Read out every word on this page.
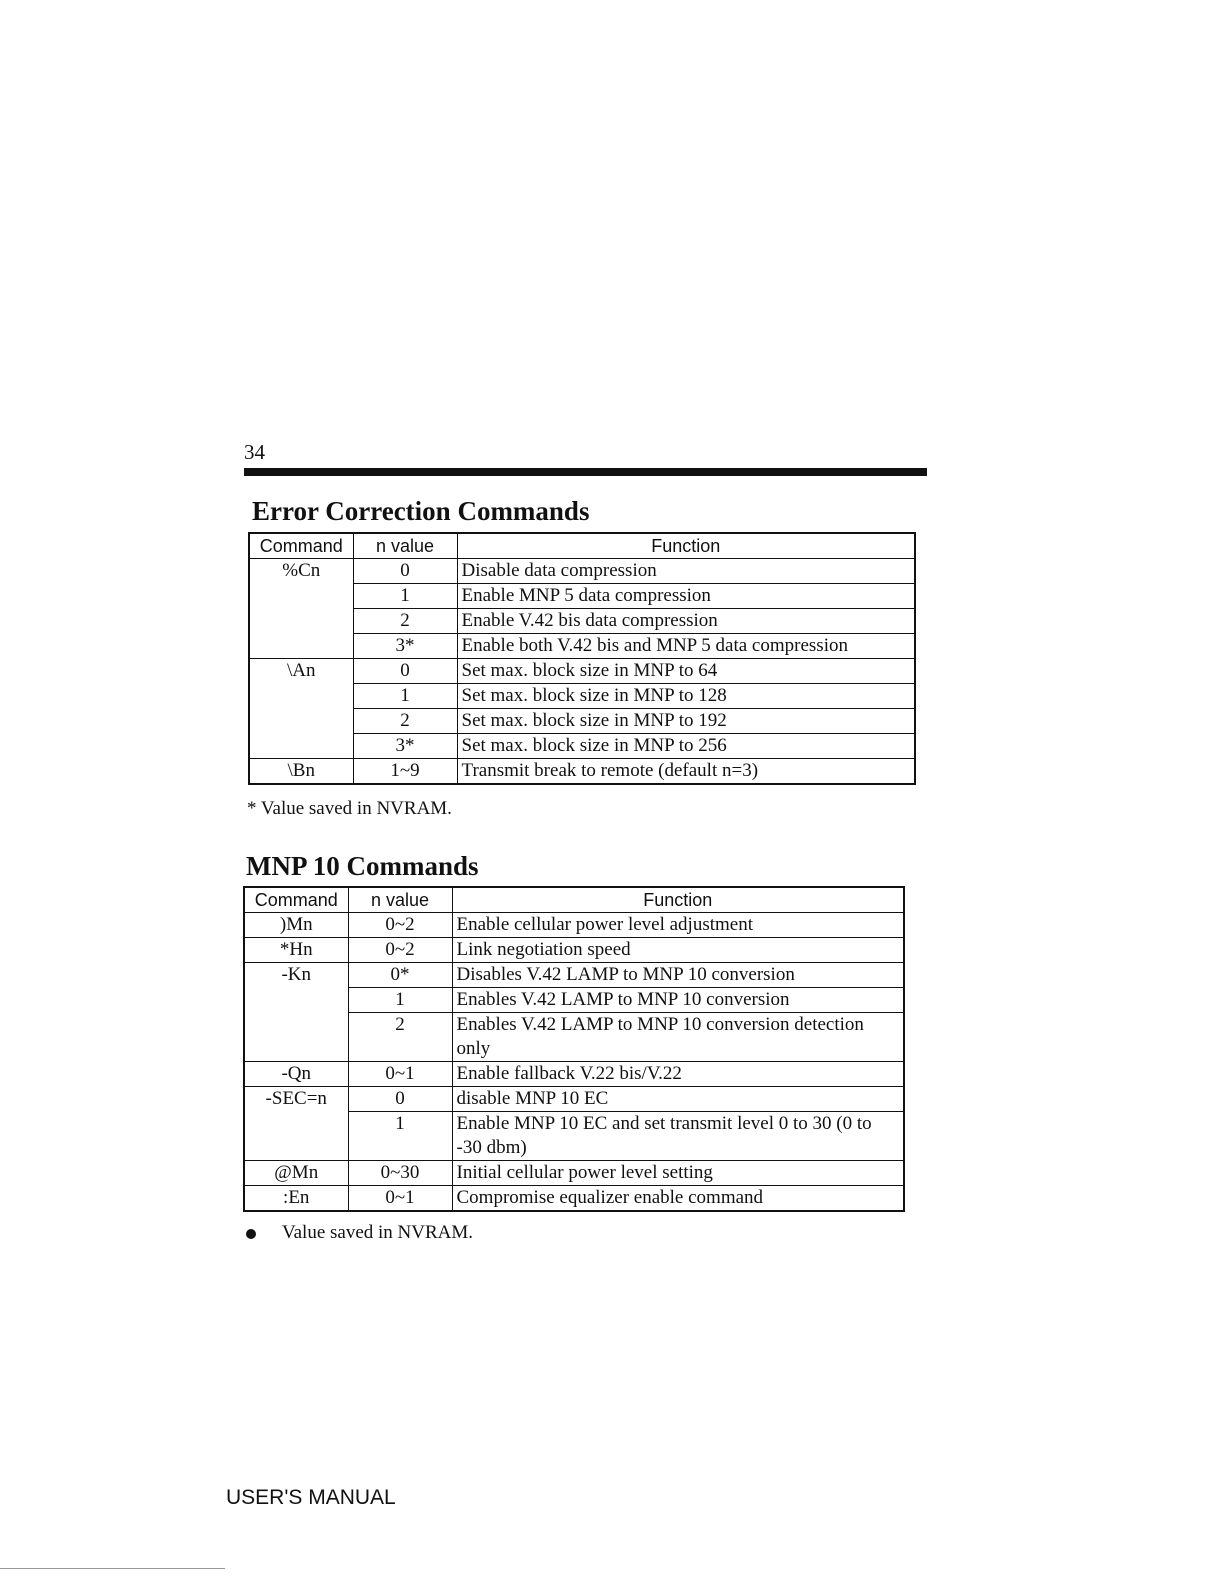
34
Error Correction Commands
Command	n value	Function
%Cn	0	Disable data compression
	1	Enable MNP 5 data compression
	2	Enable V.42 bis data compression
	3*	Enable both V.42 bis and MNP 5 data compression
\An	0	Set max. block size in MNP to 64
	1	Set max. block size in MNP to 128
	2	Set max. block size in MNP to 192
	3*	Set max. block size in MNP to 256
\Bn	1~9	Transmit break to remote (default n=3)
* Value saved in NVRAM.
MNP 10 Commands
Command	n value	Function
)Mn	0~2	Enable cellular power level adjustment
*Hn	0~2	Link negotiation speed
-Kn	0*	Disables V.42 LAMP to MNP 10 conversion
	1	Enables V.42 LAMP to MNP 10 conversion
	2	Enables V.42 LAMP to MNP 10 conversion detection only
-Qn	0~1	Enable fallback V.22 bis/V.22
-SEC=n	0	disable MNP 10 EC
	1	Enable MNP 10 EC and set transmit level 0 to 30 (0 to -30 dbm)
@Mn	0~30	Initial cellular power level setting
:En	0~1	Compromise equalizer enable command
Value saved in NVRAM.
USER'S MANUAL
